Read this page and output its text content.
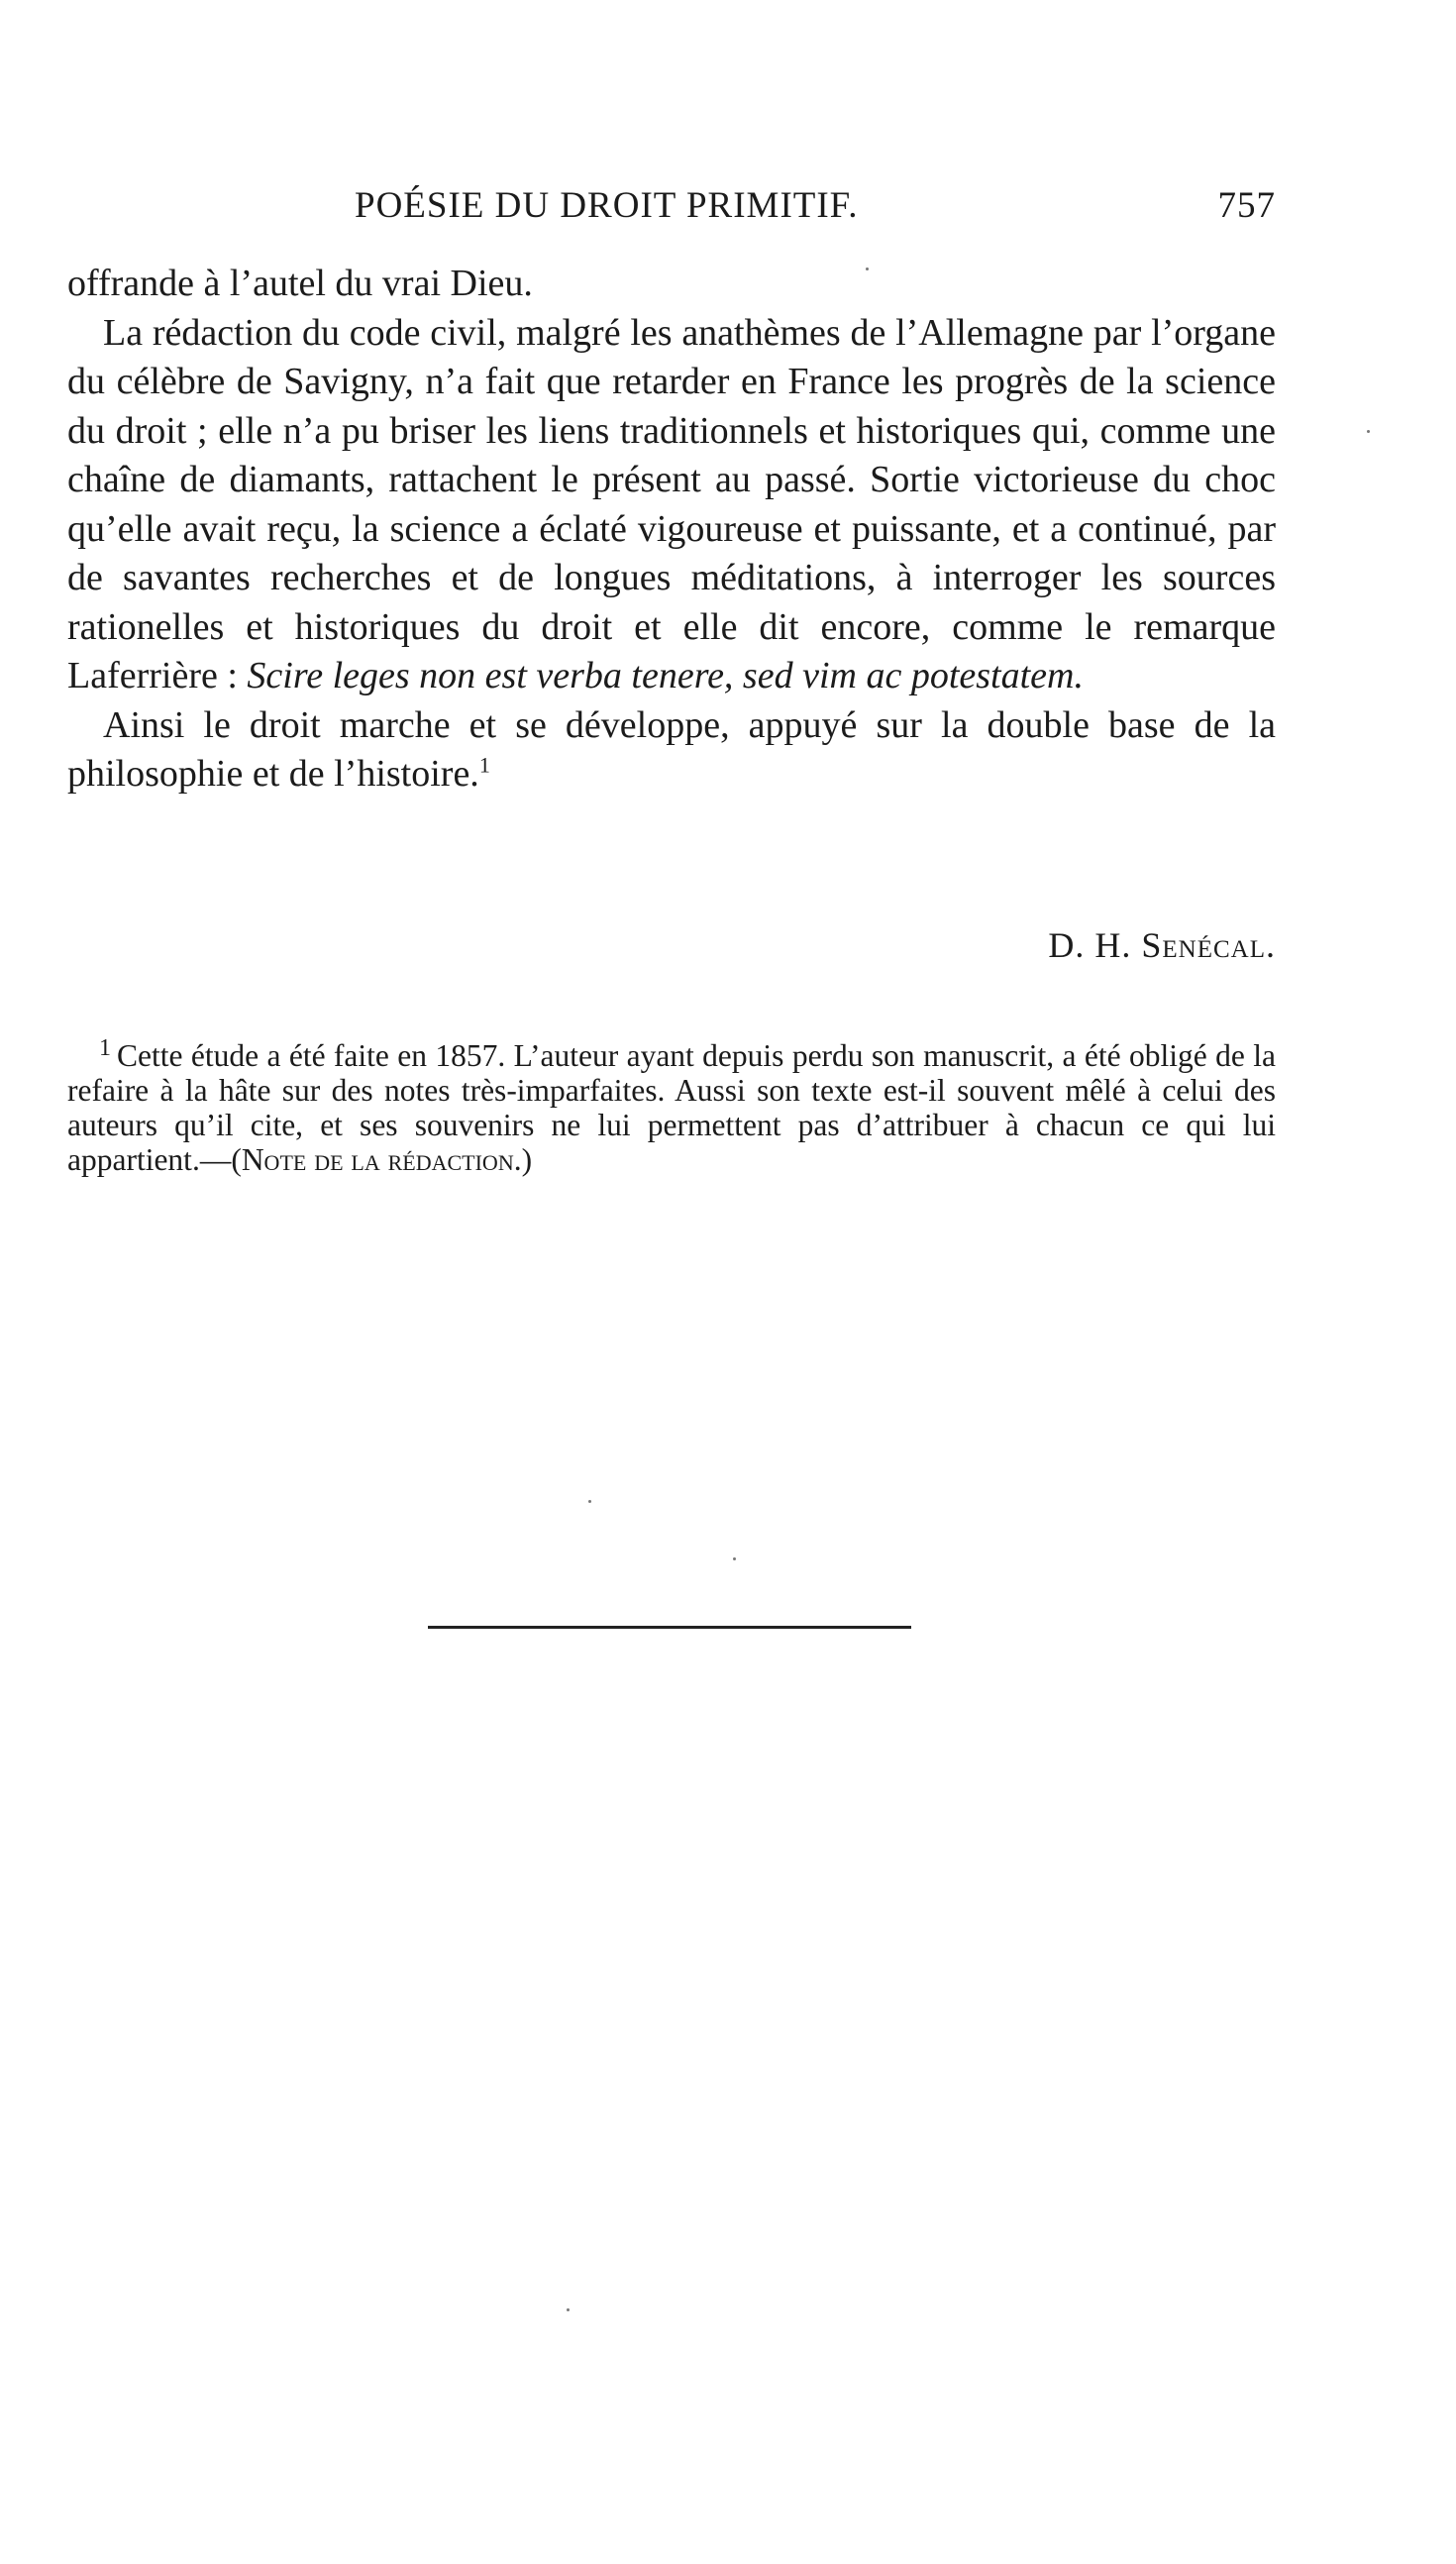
POÉSIE DU DROIT PRIMITIF.	757

offrande à l’autel du vrai Dieu.

La rédaction du code civil, malgré les anathèmes de l’Allemagne par l’organe du célèbre de Savigny, n’a fait que retarder en France les progrès de la science du droit ; elle n’a pu briser les liens traditionnels et historiques qui, comme une chaîne de diamants, rattachent le présent au passé. Sortie victorieuse du choc qu’elle avait reçu, la science a éclaté vigoureuse et puissante, et a continué, par de savantes recherches et de longues méditations, à interroger les sources rationelles et historiques du droit et elle dit encore, comme le remarque Laferrière : Scire leges non est verba tenere, sed vim ac potestatem.

Ainsi le droit marche et se développe, appuyé sur la double base de la philosophie et de l’histoire.$^1$

D. H. Senécal.

$^1$ Cette étude a été faite en 1857. L’auteur ayant depuis perdu son manuscrit, a été obligé de la refaire à la hâte sur des notes très-imparfaites. Aussi son texte est-il souvent mêlé à celui des auteurs qu’il cite, et ses souvenirs ne lui permettent pas d’attribuer à chacun ce qui lui appartient.—(Note de la rédaction.)
